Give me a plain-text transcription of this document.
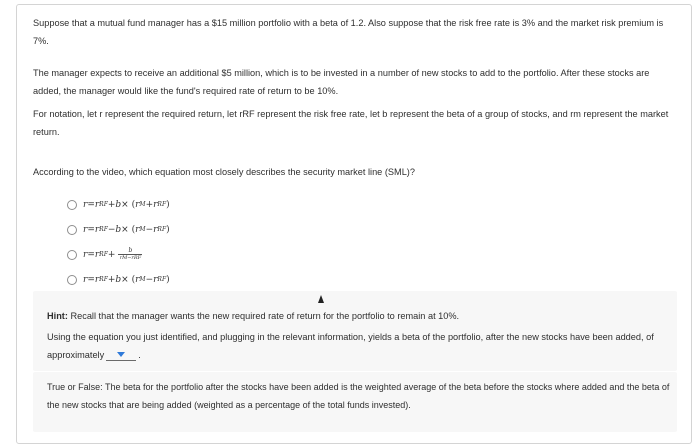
Suppose that a mutual fund manager has a $15 million portfolio with a beta of 1.2. Also suppose that the risk free rate is 3% and the market risk premium is 7%.
The manager expects to receive an additional $5 million, which is to be invested in a number of new stocks to add to the portfolio. After these stocks are added, the manager would like the fund's required rate of return to be 10%.
For notation, let r represent the required return, let rRF represent the risk free rate, let b represent the beta of a group of stocks, and rm represent the market return.
According to the video, which equation most closely describes the security market line (SML)?
r = r RF + b × ( r M + r RF )
r = r RF − b × ( r M − r RF )
r = r RF + $\frac{b}{\text{rM−rRF}}$
r = r RF + b × ( r M − r RF )
Hint: Recall that the manager wants the new required rate of return for the portfolio to remain at 10%.
Using the equation you just identified, and plugging in the relevant information, yields a beta of the portfolio, after the new stocks have been added, of approximately	.
True or False: The beta for the portfolio after the stocks have been added is the weighted average of the beta before the stocks where added and the beta of the new stocks that are being added (weighted as a percentage of the total funds invested).
